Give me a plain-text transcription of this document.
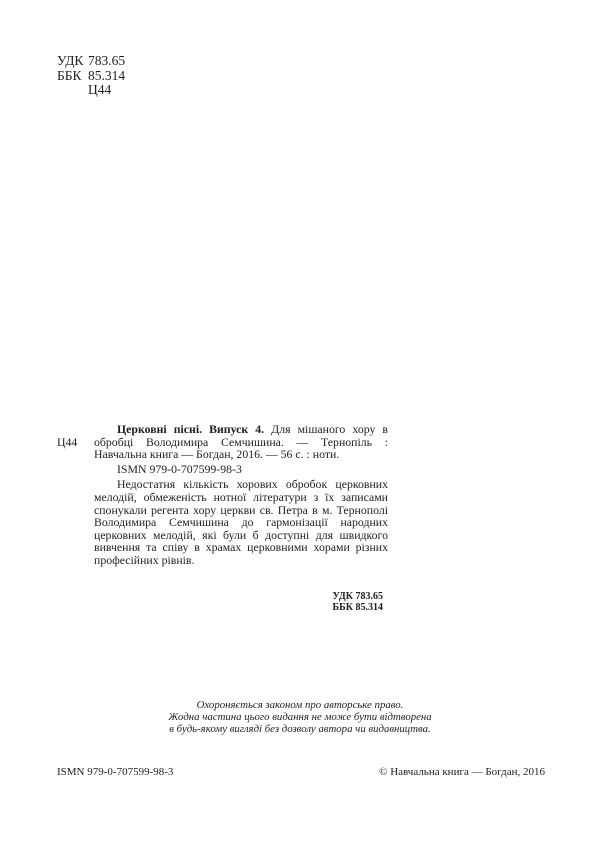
УДК	783.65
ББК	85.314
	Ц44
Ц44

Церковні пісні. Випуск 4. Для мішаного хору в обробці Володимира Семчишина. — Тернопіль : Навчальна книга — Богдан, 2016. — 56 с. : ноти.

ISMN 979-0-707599-98-3

Недостатня кількість хорових обробок церковних мелодій, обмеженість нотної літератури з їх записами спонукали регента хору церкви св. Петра в м. Тернополі Володимира Семчишина до гармонізації народних церковних мелодій, які були б доступні для швидкого вивчення та співу в храмах церковними хорами різних професійних рівнів.

УДК 783.65
ББК 85.314
Охороняється законом про авторське право.
Жодна частина цього видання не може бути відтворена
в будь-якому вигляді без дозволу автора чи видавництва.
ISMN 979-0-707599-98-3	© Навчальна книга — Богдан, 2016
